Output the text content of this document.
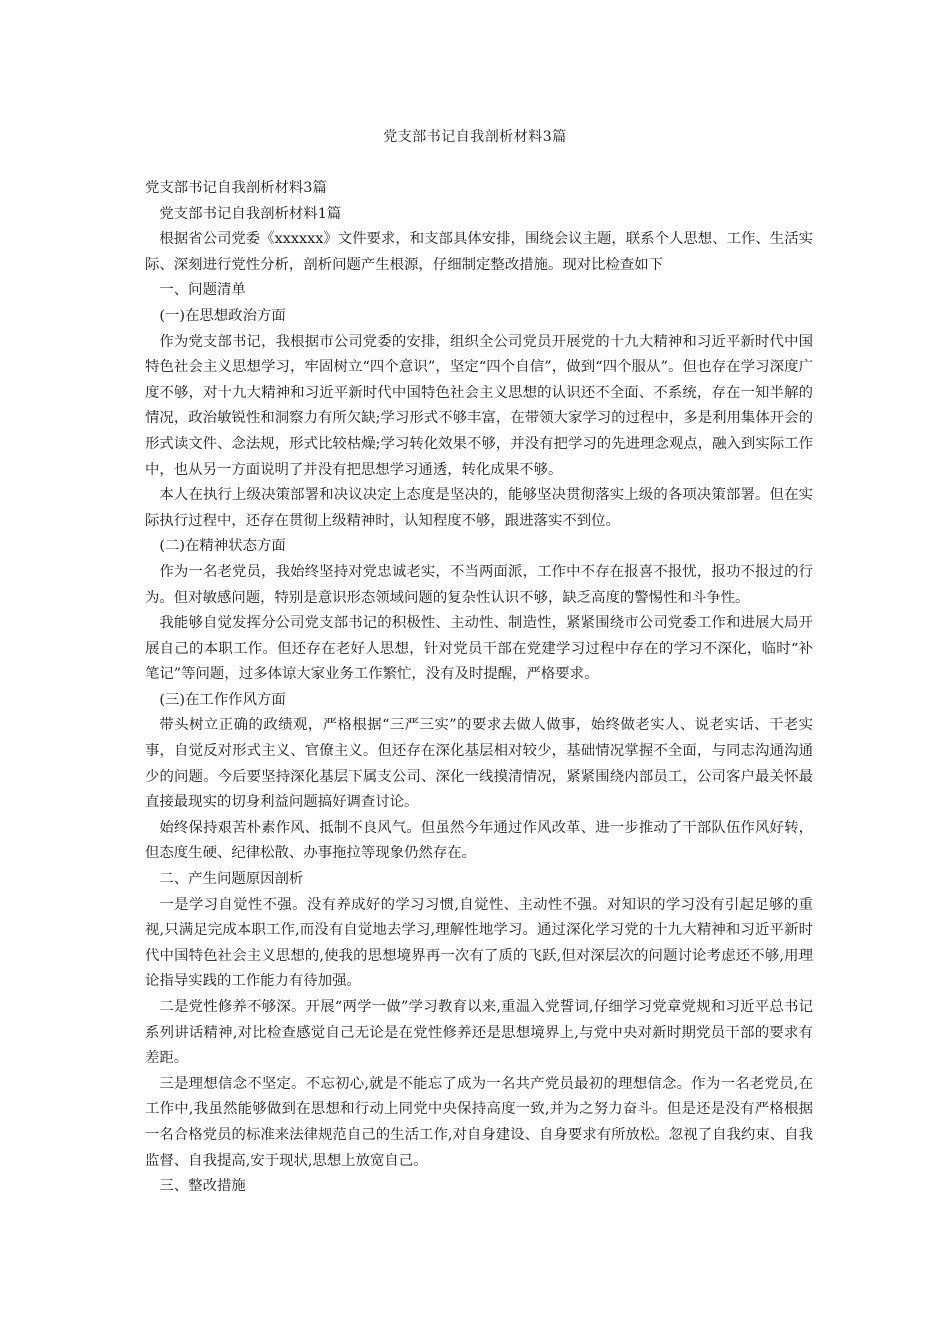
党支部书记自我剖析材料3篇

党支部书记自我剖析材料3篇

党支部书记自我剖析材料1篇

根据省公司党委《xxxxxx》文件要求，和支部具体安排，围绕会议主题，联系个人思想、工作、生活实际、深刻进行党性分析，剖析问题产生根源，仔细制定整改措施。现对比检查如下

一、问题清单

(一)在思想政治方面

作为党支部书记，我根据市公司党委的安排，组织全公司党员开展党的十九大精神和习近平新时代中国特色社会主义思想学习，牢固树立“四个意识”，坚定“四个自信”，做到“四个服从”。但也存在学习深度广度不够，对十九大精神和习近平新时代中国特色社会主义思想的认识还不全面、不系统，存在一知半解的情况，政治敏锐性和洞察力有所欠缺;学习形式不够丰富，在带领大家学习的过程中，多是利用集体开会的形式读文件、念法规，形式比较枯燥;学习转化效果不够，并没有把学习的先进理念观点，融入到实际工作中，也从另一方面说明了并没有把思想学习通透，转化成果不够。

本人在执行上级决策部署和决议决定上态度是坚决的，能够坚决贯彻落实上级的各项决策部署。但在实际执行过程中，还存在贯彻上级精神时，认知程度不够，跟进落实不到位。

(二)在精神状态方面

作为一名老党员，我始终坚持对党忠诚老实，不当两面派，工作中不存在报喜不报忧，报功不报过的行为。但对敏感问题，特别是意识形态领域问题的复杂性认识不够，缺乏高度的警惕性和斗争性。

我能够自觉发挥分公司党支部书记的积极性、主动性、制造性，紧紧围绕市公司党委工作和进展大局开展自己的本职工作。但还存在老好人思想，针对党员干部在党建学习过程中存在的学习不深化，临时“补笔记”等问题，过多体谅大家业务工作繁忙，没有及时提醒，严格要求。

(三)在工作作风方面

带头树立正确的政绩观，严格根据“三严三实”的要求去做人做事，始终做老实人、说老实话、干老实事，自觉反对形式主义、官僚主义。但还存在深化基层相对较少，基础情况掌握不全面，与同志沟通沟通少的问题。今后要坚持深化基层下属支公司、深化一线摸清情况，紧紧围绕内部员工，公司客户最关怀最直接最现实的切身利益问题搞好调查讨论。

始终保持艰苦朴素作风、抵制不良风气。但虽然今年通过作风改革、进一步推动了干部队伍作风好转，但态度生硬、纪律松散、办事拖拉等现象仍然存在。

二、产生问题原因剖析

一是学习自觉性不强。没有养成好的学习习惯,自觉性、主动性不强。对知识的学习没有引起足够的重视,只满足完成本职工作,而没有自觉地去学习,理解性地学习。通过深化学习党的十九大精神和习近平新时代中国特色社会主义思想的,使我的思想境界再一次有了质的飞跃,但对深层次的问题讨论考虑还不够,用理论指导实践的工作能力有待加强。

二是党性修养不够深。开展“两学一做”学习教育以来,重温入党誓词,仔细学习党章党规和习近平总书记系列讲话精神,对比检查感觉自己无论是在党性修养还是思想境界上,与党中央对新时期党员干部的要求有差距。

三是理想信念不坚定。不忘初心,就是不能忘了成为一名共产党员最初的理想信念。作为一名老党员,在工作中,我虽然能够做到在思想和行动上同党中央保持高度一致,并为之努力奋斗。但是还是没有严格根据一名合格党员的标准来法律规范自己的生活工作,对自身建设、自身要求有所放松。忽视了自我约束、自我监督、自我提高,安于现状,思想上放宽自己。

三、整改措施
